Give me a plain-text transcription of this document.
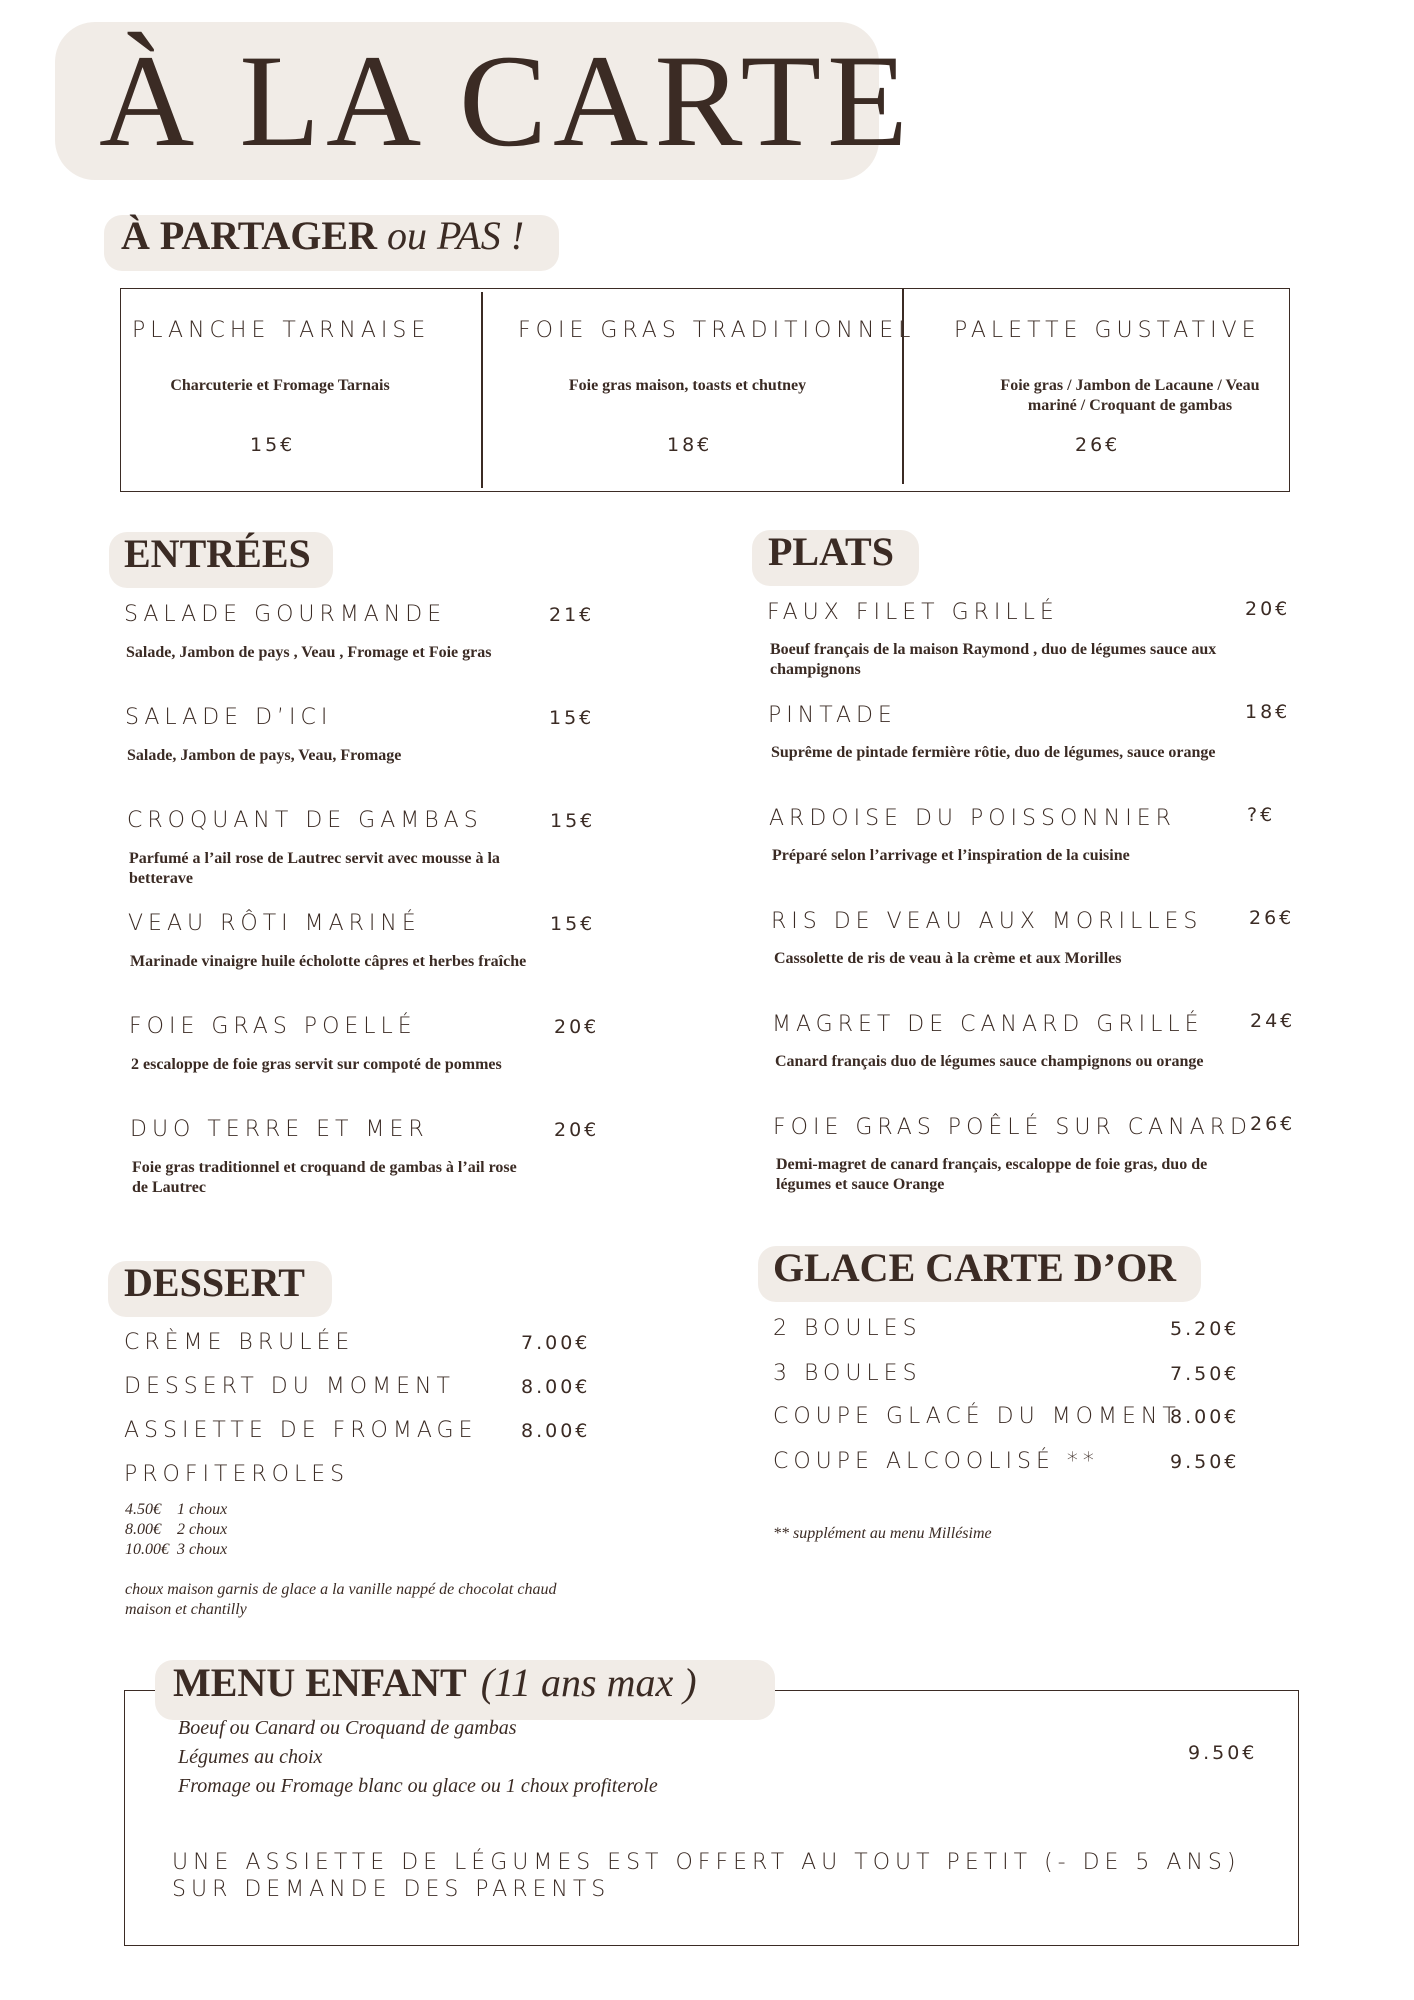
À LA CARTE
À PARTAGER ou PAS !
PLANCHE TARNAISE
Charcuterie et Fromage Tarnais
15€
FOIE GRAS TRADITIONNEL
Foie gras maison, toasts et chutney
18€
PALETTE GUSTATIVE
Foie gras / Jambon de Lacaune / Veau mariné / Croquant de gambas
26€
ENTRÉES
SALADE GOURMANDE	21€
Salade, Jambon de pays , Veau , Fromage et Foie gras
SALADE D’ICI	15€
Salade, Jambon de pays, Veau, Fromage
CROQUANT DE GAMBAS	15€
Parfumé a l’ail rose de Lautrec servit avec mousse à la betterave
VEAU RÔTI MARINÉ	15€
Marinade vinaigre huile écholotte câpres et herbes fraîche
FOIE GRAS POELLÉ	20€
2 escaloppe de foie gras servit sur compoté de pommes
DUO TERRE ET MER	20€
Foie gras traditionnel et croquand de gambas à l’ail rose de Lautrec
PLATS
FAUX FILET GRILLÉ	20€
Boeuf français de la maison Raymond , duo de légumes sauce aux champignons
PINTADE	18€
Suprême de pintade fermière rôtie, duo de légumes, sauce orange
ARDOISE DU POISSONNIER	?€
Préparé selon l’arrivage et l’inspiration de la cuisine
RIS DE VEAU AUX MORILLES 26€
Cassolette de ris de veau à la crème et aux Morilles
MAGRET DE CANARD GRILLÉ 24€
Canard français duo de légumes sauce champignons ou orange
FOIE GRAS POÊLÉ SUR CANARD
26€
Demi-magret de canard français, escaloppe de foie gras, duo de légumes et sauce Orange
DESSERT
CRÈME BRULÉE	7.00€
DESSERT DU MOMENT	8.00€
ASSIETTE DE FROMAGE 8.00€
PROFITEROLES
4.50€    1 choux
8.00€    2 choux
10.00€  3 choux
choux maison garnis de glace a la vanille nappé de chocolat chaud maison et chantilly
GLACE CARTE D’OR
2 BOULES	5.20€
3 BOULES	7.50€
COUPE GLACÉ DU MOMENT
8.00€
COUPE ALCOOLISÉ **	9.50€
** supplément au menu Millésime
MENU ENFANT (11 ans max )
Boeuf ou Canard ou Croquand de gambas
Légumes au choix
Fromage ou Fromage blanc ou glace ou 1 choux profiterole
9.50€
UNE ASSIETTE DE LÉGUMES EST OFFERT AU TOUT PETIT (- DE 5 ANS) SUR DEMANDE DES PARENTS
